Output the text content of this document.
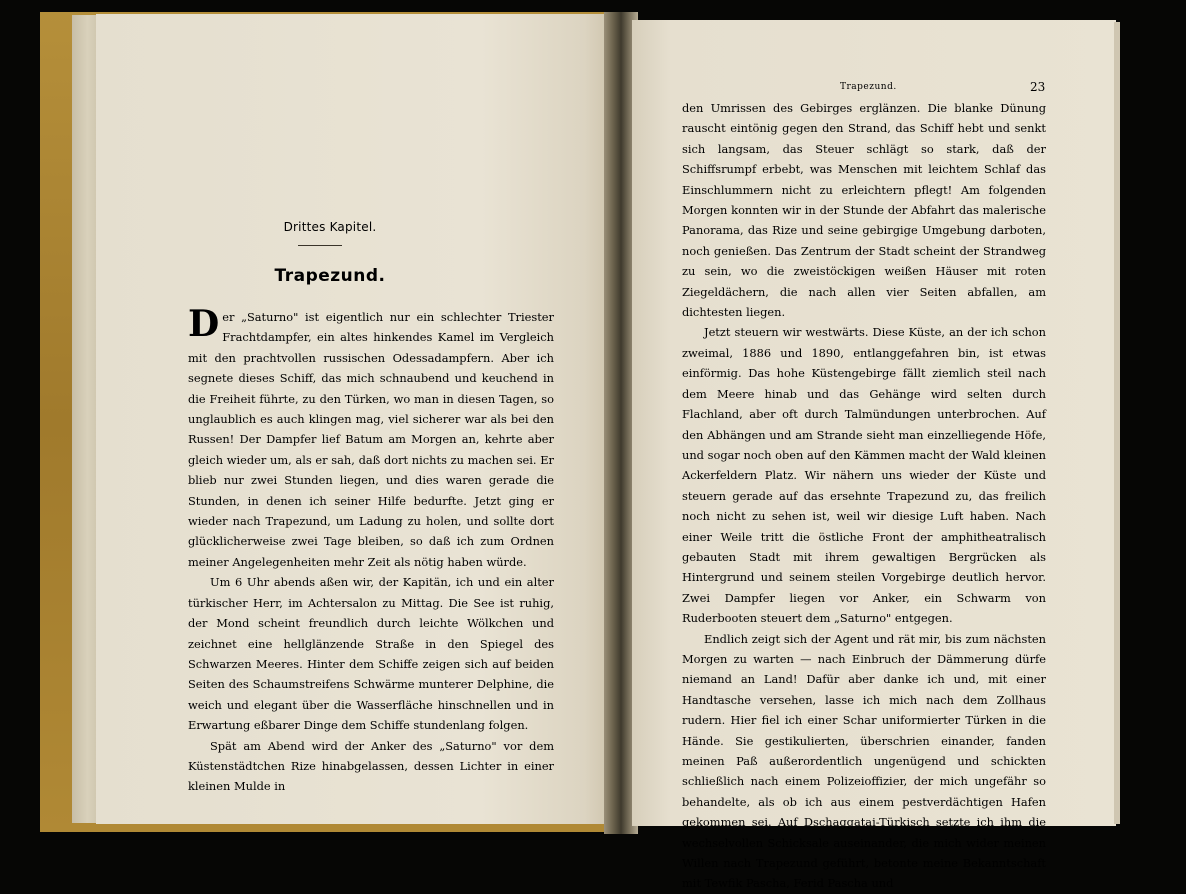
Drittes Kapitel.
Trapezund.

Der „Saturno" ist eigentlich nur ein schlechter Triester Frachtdampfer, ein altes hinkendes Kamel im Vergleich mit den prachtvollen russischen Odessadampfern. Aber ich segnete dieses Schiff, das mich schnaubend und keuchend in die Freiheit führte, zu den Türken, wo man in diesen Tagen, so unglaublich es auch klingen mag, viel sicherer war als bei den Russen! Der Dampfer lief Batum am Morgen an, kehrte aber gleich wieder um, als er sah, daß dort nichts zu machen sei. Er blieb nur zwei Stunden liegen, und dies waren gerade die Stunden, in denen ich seiner Hilfe bedurfte. Jetzt ging er wieder nach Trapezund, um Ladung zu holen, und sollte dort glücklicherweise zwei Tage bleiben, so daß ich zum Ordnen meiner Angelegenheiten mehr Zeit als nötig haben würde.

Um 6 Uhr abends aßen wir, der Kapitän, ich und ein alter türkischer Herr, im Achtersalon zu Mittag. Die See ist ruhig, der Mond scheint freundlich durch leichte Wölkchen und zeichnet eine hellglänzende Straße in den Spiegel des Schwarzen Meeres. Hinter dem Schiffe zeigen sich auf beiden Seiten des Schaumstreifens Schwärme munterer Delphine, die weich und elegant über die Wasserfläche hinschnellen und in Erwartung eßbarer Dinge dem Schiffe stundenlang folgen.

Spät am Abend wird der Anker des „Saturno" vor dem Küstenstädtchen Rize hinabgelassen, dessen Lichter in einer kleinen Mulde in

Trapezund.	23

den Umrissen des Gebirges erglänzen. Die blanke Dünung rauscht eintönig gegen den Strand, das Schiff hebt und senkt sich langsam, das Steuer schlägt so stark, daß der Schiffsrumpf erbebt, was Menschen mit leichtem Schlaf das Einschlummern nicht zu erleichtern pflegt! Am folgenden Morgen konnten wir in der Stunde der Abfahrt das malerische Panorama, das Rize und seine gebirgige Umgebung darboten, noch genießen. Das Zentrum der Stadt scheint der Strandweg zu sein, wo die zweistöckigen weißen Häuser mit roten Ziegeldächern, die nach allen vier Seiten abfallen, am dichtesten liegen.

Jetzt steuern wir westwärts. Diese Küste, an der ich schon zweimal, 1886 und 1890, entlanggefahren bin, ist etwas einförmig. Das hohe Küstengebirge fällt ziemlich steil nach dem Meere hinab und das Gehänge wird selten durch Flachland, aber oft durch Talmündungen unterbrochen. Auf den Abhängen und am Strande sieht man einzelliegende Höfe, und sogar noch oben auf den Kämmen macht der Wald kleinen Ackerfeldern Platz. Wir nähern uns wieder der Küste und steuern gerade auf das ersehnte Trapezund zu, das freilich noch nicht zu sehen ist, weil wir diesige Luft haben. Nach einer Weile tritt die östliche Front der amphitheatralisch gebauten Stadt mit ihrem gewaltigen Bergrücken als Hintergrund und seinem steilen Vorgebirge deutlich hervor. Zwei Dampfer liegen vor Anker, ein Schwarm von Ruderbooten steuert dem „Saturno" entgegen.

Endlich zeigt sich der Agent und rät mir, bis zum nächsten Morgen zu warten — nach Einbruch der Dämmerung dürfe niemand an Land! Dafür aber danke ich und, mit einer Handtasche versehen, lasse ich mich nach dem Zollhaus rudern. Hier fiel ich einer Schar uniformierter Türken in die Hände. Sie gestikulierten, überschrien einander, fanden meinen Paß außerordentlich ungenügend und schickten schließlich nach einem Polizeioffizier, der mich ungefähr so behandelte, als ob ich aus einem pestverdächtigen Hafen gekommen sei. Auf Dschaggatai-Türkisch setzte ich ihm die wechselvollen Schicksale auseinander, die mich wider meinen Willen nach Trapezund geführt, betonte meine Bekanntschaft mit Tewfik Pascha, Ferid Pascha und
